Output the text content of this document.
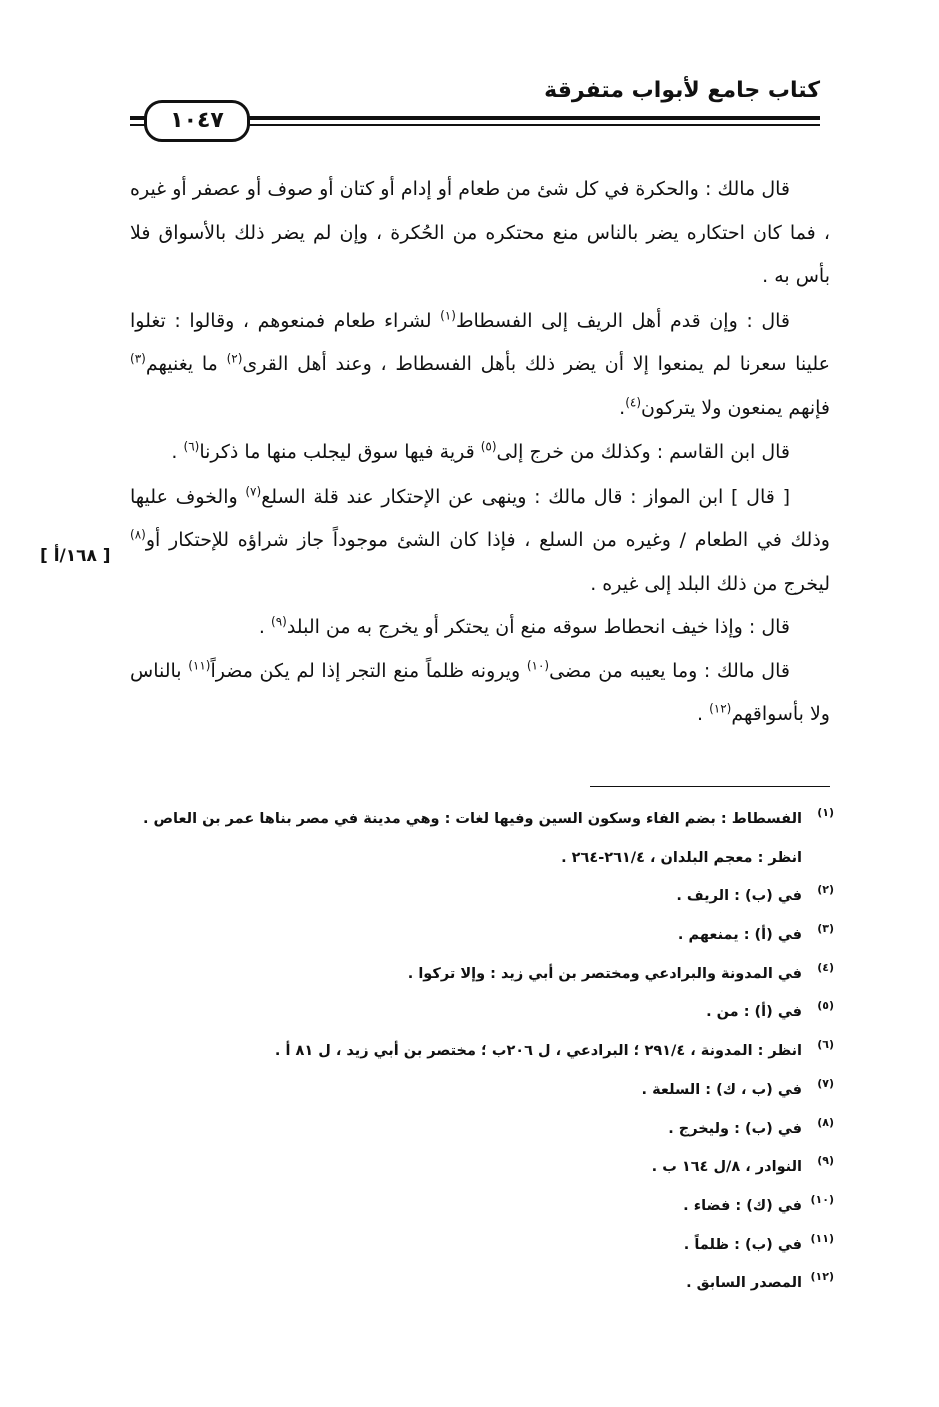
كتاب جامع لأبواب متفرقة
١٠٤٧

قال مالك : والحكرة في كل شئ من طعام أو إدام أو كتان أو صوف أو عصفر أو غيره ، فما كان احتكاره يضر بالناس منع محتكره من الحُكرة ، وإن لم يضر ذلك بالأسواق فلا بأس به .

قال : وإن قدم أهل الريف إلى الفسطاط$^{(١)}$ لشراء طعام فمنعوهم ، وقالوا : تغلوا علينا سعرنا لم يمنعوا إلا أن يضر ذلك بأهل الفسطاط ، وعند أهل القرى$^{(٢)}$ ما يغنيهم$^{(٣)}$ فإنهم يمنعون ولا يتركون$^{(٤)}$.

قال ابن القاسم : وكذلك من خرج إلى$^{(٥)}$ قرية فيها سوق ليجلب منها ما ذكرنا$^{(٦)}$ .

[ قال ] ابن المواز : قال مالك : وينهى عن الإحتكار عند قلة السلع$^{(٧)}$ والخوف عليها وذلك في الطعام / وغيره من السلع ، فإذا كان الشئ موجوداً جاز شراؤه للإحتكار أو$^{(٨)}$ ليخرج من ذلك البلد إلى غيره .

قال : وإذا خيف انحطاط سوقه منع أن يحتكر أو يخرج به من البلد$^{(٩)}$ .

قال مالك : وما يعيبه من مضى$^{(١٠)}$ ويرونه ظلماً منع التجر إذا لم يكن مضراً$^{(١١)}$ بالناس ولا بأسواقهم$^{(١٢)}$ .

[ ١٦٨/أ ]
(١)
الفسطاط : بضم الفاء وسكون السين وفيها لغات : وهي مدينة في مصر بناها عمر بن العاص .
انظر : معجم البلدان ، ٢٦١/٤-٢٦٤ .
(٢)
في (ب) : الريف .
(٣)
في (أ) : يمنعهم .
(٤)
في المدونة والبرادعي ومختصر بن أبي زيد : وإلا تركوا .
(٥)
في (أ) : من .
(٦)
انظر : المدونة ، ٢٩١/٤ ؛ البرادعي ، ل ٢٠٦ب ؛ مختصر بن أبي زيد ، ل ٨١ أ .
(٧)
في (ب ، ك) : السلعة .
(٨)
في (ب) : وليخرج .
(٩)
النوادر ، ٨/ل ١٦٤ ب .
(١٠)
في (ك) : فضاء .
(١١)
في (ب) : ظلماً .
(١٢)
المصدر السابق .
